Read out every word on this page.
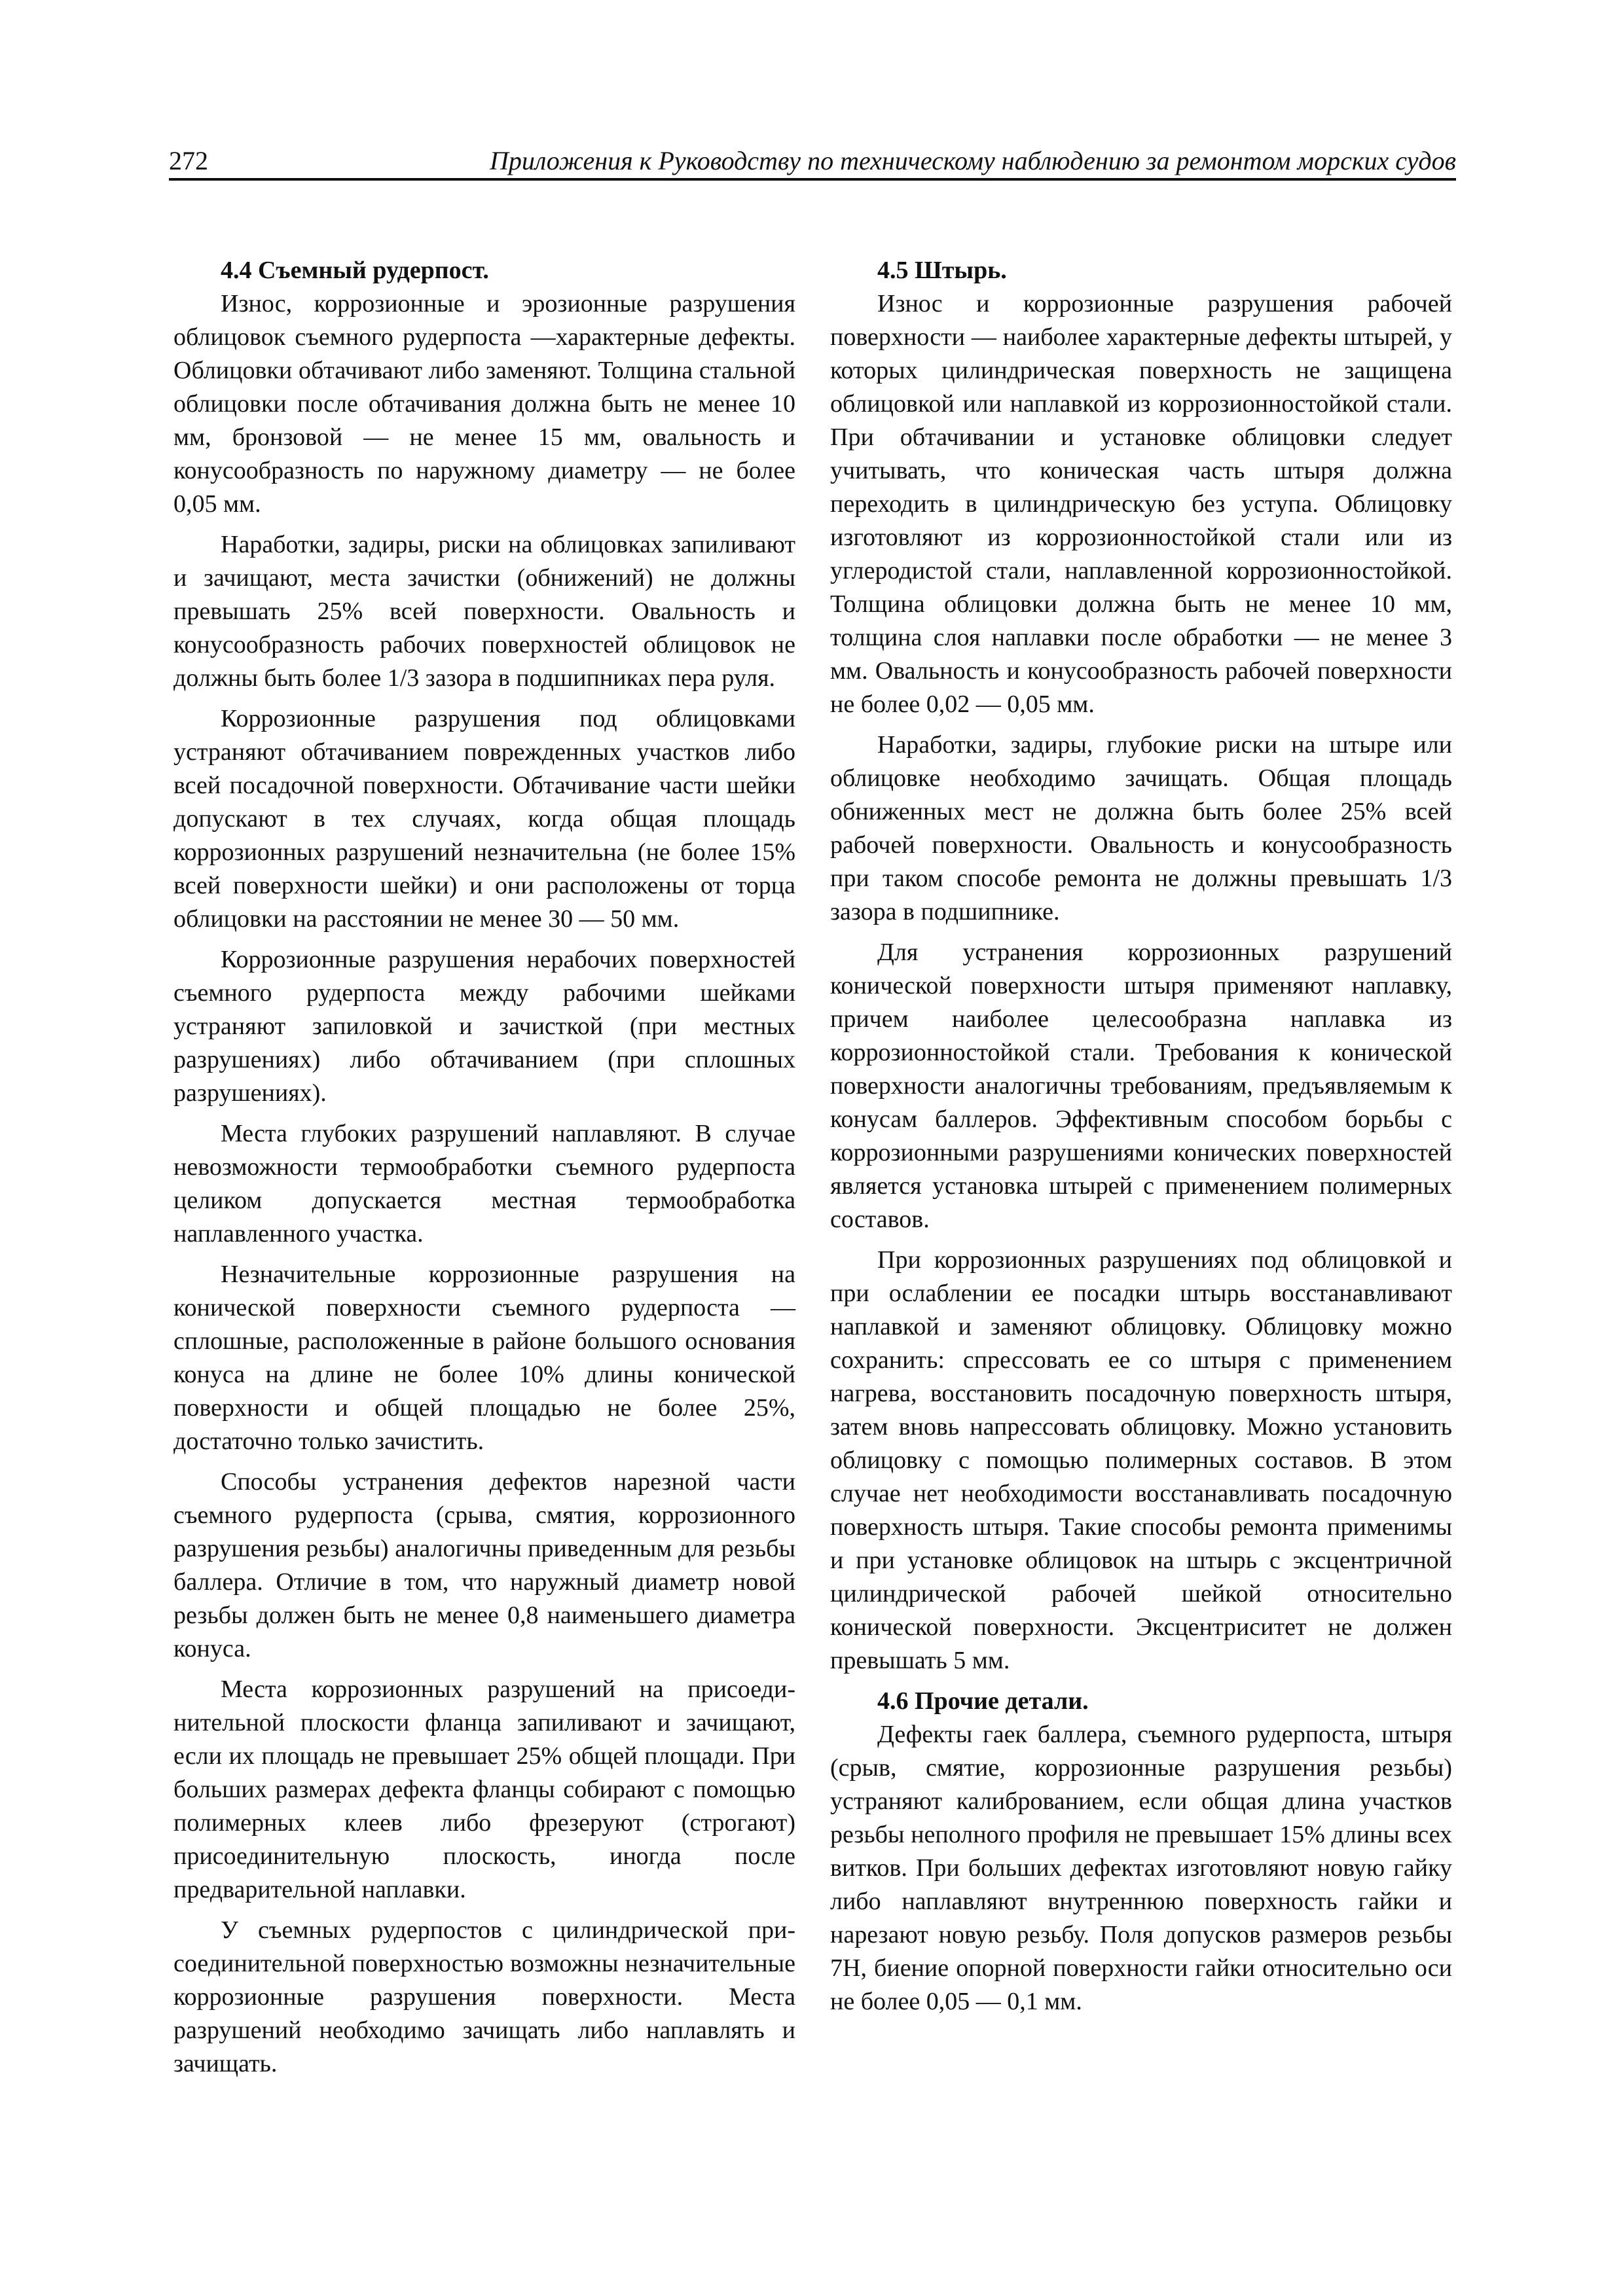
272	Приложения к Руководству по техническому наблюдению за ремонтом морских судов
4.4 Съемный рудерпост.

Износ, коррозионные и эрозионные разрушения облицовок съемного рудерпоста —характерные дефекты. Облицовки обтачивают либо заменяют. Толщина стальной облицовки после обтачивания должна быть не менее 10 мм, бронзовой — не менее 15 мм, овальность и конусообразность по наружному диаметру — не более 0,05 мм.

Наработки, задиры, риски на облицовках запиливают и зачищают, места зачистки (обнижений) не должны превышать 25% всей поверхности. Овальность и конусообразность рабочих поверхностей облицовок не должны быть более 1/3 зазора в подшипниках пера руля.

Коррозионные разрушения под облицовками устраняют обтачиванием поврежденных участков либо всей посадочной поверхности. Обтачивание части шейки допускают в тех случаях, когда общая площадь коррозионных разрушений незначительна (не более 15% всей поверхности шейки) и они расположены от торца облицовки на расстоянии не менее 30 — 50 мм.

Коррозионные разрушения нерабочих поверхностей съемного рудерпоста между рабочими шейками устраняют запиловкой и зачисткой (при местных разрушениях) либо обтачиванием (при сплошных разрушениях).

Места глубоких разрушений наплавляют. В случае невозможности термообработки съемного рудерпоста целиком допускается местная термообработка наплавленного участка.

Незначительные коррозионные разрушения на конической поверхности съемного рудерпоста — сплошные, расположенные в районе большого основания конуса на длине не более 10% длины конической поверхности и общей площадью не более 25%, достаточно только зачистить.

Способы устранения дефектов нарезной части съемного рудерпоста (срыва, смятия, коррозионного разрушения резьбы) аналогичны приведенным для резьбы баллера. Отличие в том, что наружный диаметр новой резьбы должен быть не менее 0,8 наименьшего диаметра конуса.

Места коррозионных разрушений на присоединительной плоскости фланца запиливают и зачищают, если их площадь не превышает 25% общей площади. При больших размерах дефекта фланцы собирают с помощью полимерных клеев либо фрезеруют (строгают) присоединительную плоскость, иногда после предварительной наплавки.

У съемных рудерпостов с цилиндрической присоединительной поверхностью возможны незначительные коррозионные разрушения поверхности. Места разрушений необходимо зачищать либо наплавлять и зачищать.

4.5 Штырь.

Износ и коррозионные разрушения рабочей поверхности — наиболее характерные дефекты штырей, у которых цилиндрическая поверхность не защищена облицовкой или наплавкой из коррозионностойкой стали. При обтачивании и установке облицовки следует учитывать, что коническая часть штыря должна переходить в цилиндрическую без уступа. Облицовку изготовляют из коррозионностойкой стали или из углеродистой стали, наплавленной коррозионностойкой. Толщина облицовки должна быть не менее 10 мм, толщина слоя наплавки после обработки — не менее 3 мм. Овальность и конусообразность рабочей поверхности не более 0,02 — 0,05 мм.

Наработки, задиры, глубокие риски на штыре или облицовке необходимо зачищать. Общая площадь обниженных мест не должна быть более 25% всей рабочей поверхности. Овальность и конусообразность при таком способе ремонта не должны превышать 1/3 зазора в подшипнике.

Для устранения коррозионных разрушений конической поверхности штыря применяют наплавку, причем наиболее целесообразна наплавка из коррозионностойкой стали. Требования к конической поверхности аналогичны требованиям, предъявляемым к конусам баллеров. Эффективным способом борьбы с коррозионными разрушениями конических поверхностей является установка штырей с применением полимерных составов.

При коррозионных разрушениях под облицовкой и при ослаблении ее посадки штырь восстанавливают наплавкой и заменяют облицовку. Облицовку можно сохранить: спрессовать ее со штыря с применением нагрева, восстановить посадочную поверхность штыря, затем вновь напрессовать облицовку. Можно установить облицовку с помощью полимерных составов. В этом случае нет необходимости восстанавливать посадочную поверхность штыря. Такие способы ремонта применимы и при установке облицовок на штырь с эксцентричной цилиндрической рабочей шейкой относительно конической поверхности. Эксцентриситет не должен превышать 5 мм.

4.6 Прочие детали.

Дефекты гаек баллера, съемного рудерпоста, штыря (срыв, смятие, коррозионные разрушения резьбы) устраняют калиброванием, если общая длина участков резьбы неполного профиля не превышает 15% длины всех витков. При больших дефектах изготовляют новую гайку либо наплавляют внутреннюю поверхность гайки и нарезают новую резьбу. Поля допусков размеров резьбы 7Н, биение опорной поверхности гайки относительно оси не более 0,05 — 0,1 мм.
